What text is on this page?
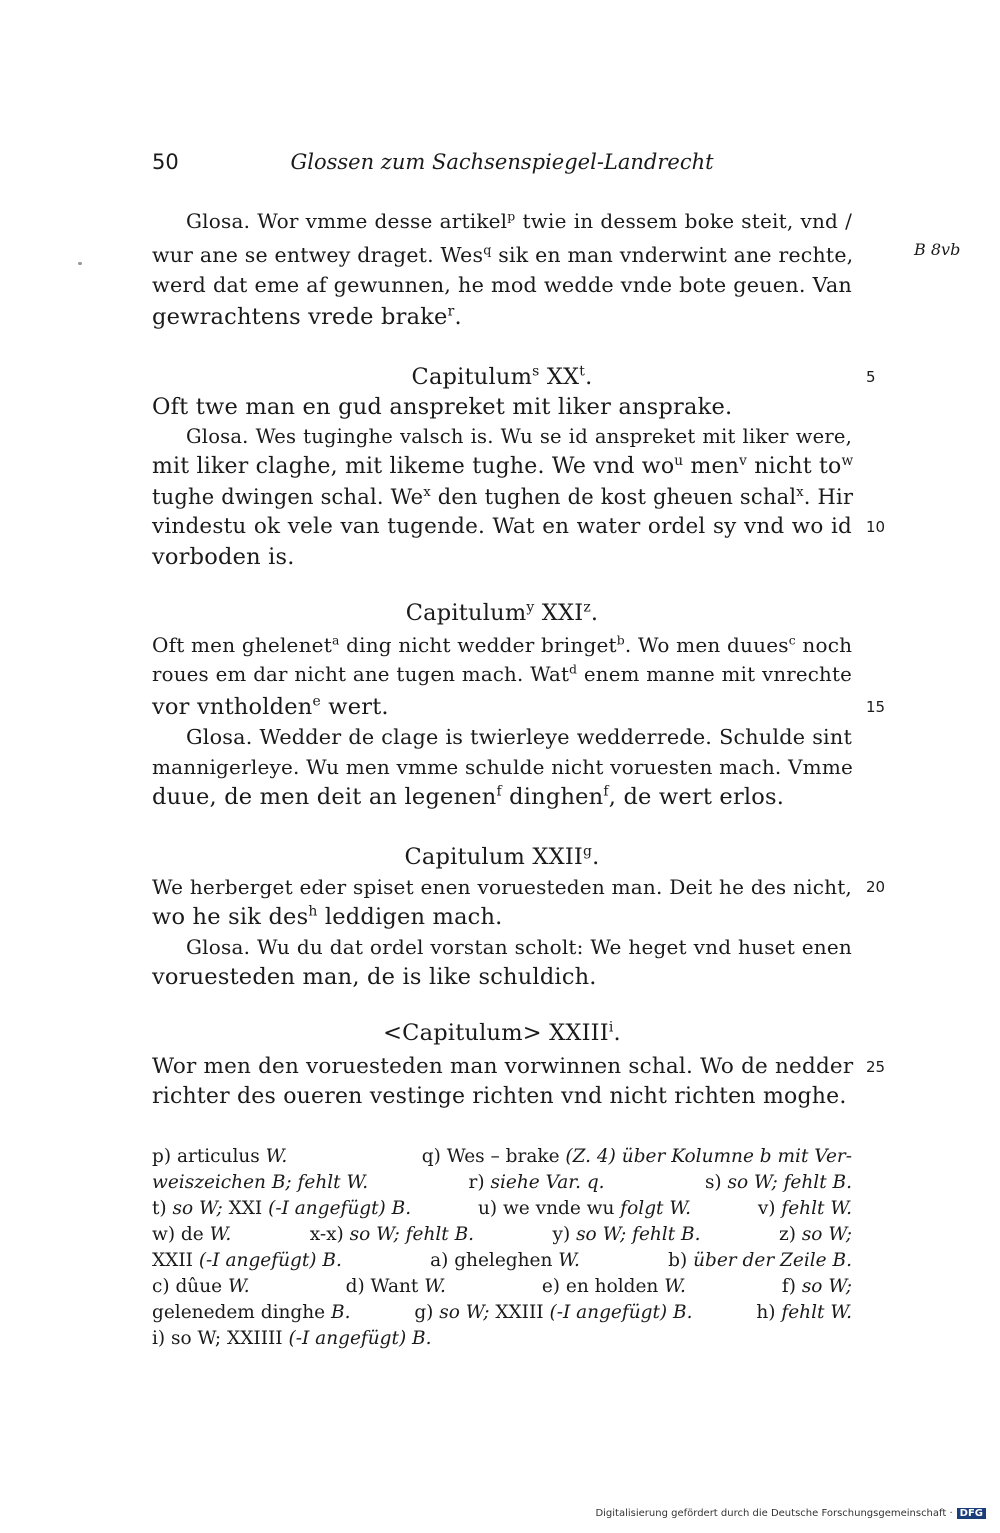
50	Glossen zum Sachsenspiegel-Landrecht
B 8vb
Glosa. Wor vmme desse artikel$^p$ twie in dessem boke steit, vnd /
wur ane se entwey draget. Wes$^q$ sik en man vnderwint ane rechte,
werd dat eme af gewunnen, he mod wedde vnde bote geuen. Van
gewrachtens vrede brake$^r$.
Capitulum$^s$ $XX^t$.	5
Oft twe man en gud anspreket mit liker ansprake.
Glosa. Wes tuginghe valsch is. Wu se id anspreket mit liker were,
mit liker claghe, mit likeme tughe. We vnd $wo^u$ men$^v$ nicht $to^w$
tughe dwingen schal. We$^x$ den tughen de kost gheuen schal$^x$. Hir
vindestu ok vele van tugende. Wat en water ordel sy vnd wo id 10
vorboden is.
Capitulum$^y$ XXI$^z$.
Oft men ghelenet$^a$ ding nicht wedder bringet$^b$. Wo men duues$^c$ noch
roues em dar nicht ane tugen mach. Wat$^d$ enem manne mit vnrechte
vor vntholden$^e$ wert.	15
Glosa. Wedder de clage is twierleye wedderrede. Schulde sint
mannigerleye. Wu men vmme schulde nicht voruesten mach. Vmme
duue, de men deit an legenen$^f$ dinghen$^f$, de wert erlos.
Capitulum XXII$^g$.
We herberget eder spiset enen voruesteden man. Deit he des nicht, 20
wo he sik des$^h$ leddigen mach.
Glosa. Wu du dat ordel vorstan scholt: We heget vnd huset enen
voruesteden man, de is like schuldich.
<Capitulum> $XXIII^i$.
Wor men den voruesteden man vorwinnen schal. Wo de nedder 25
richter des oueren vestinge richten vnd nicht richten moghe.
p) articulus W.	q) Wes – brake (Z. 4) über Kolumne b mit Ver-
weiszeichen B; fehlt W.	r) siehe Var. q.	s) so W; fehlt B.
t) so W; XXI (-I angefügt) B.	u) we vnde wu folgt W.	v) fehlt W.
w) de W.	x-x) so W; fehlt B.	y) so W; fehlt B.	z) so W;
XXII (-I angefügt) B.	a) gheleghen W.	b) über der Zeile B.
c) dûue W.	d) Want W.	e) en holden W.	f) so W;
gelenedem dinghe B.	g) so W; XXIII (-I angefügt) B.	h) fehlt W.
i) so W; XXIIII (-I angefügt) B.
Digitalisierung gefördert durch die Deutsche Forschungsgemeinschaft · DFG
